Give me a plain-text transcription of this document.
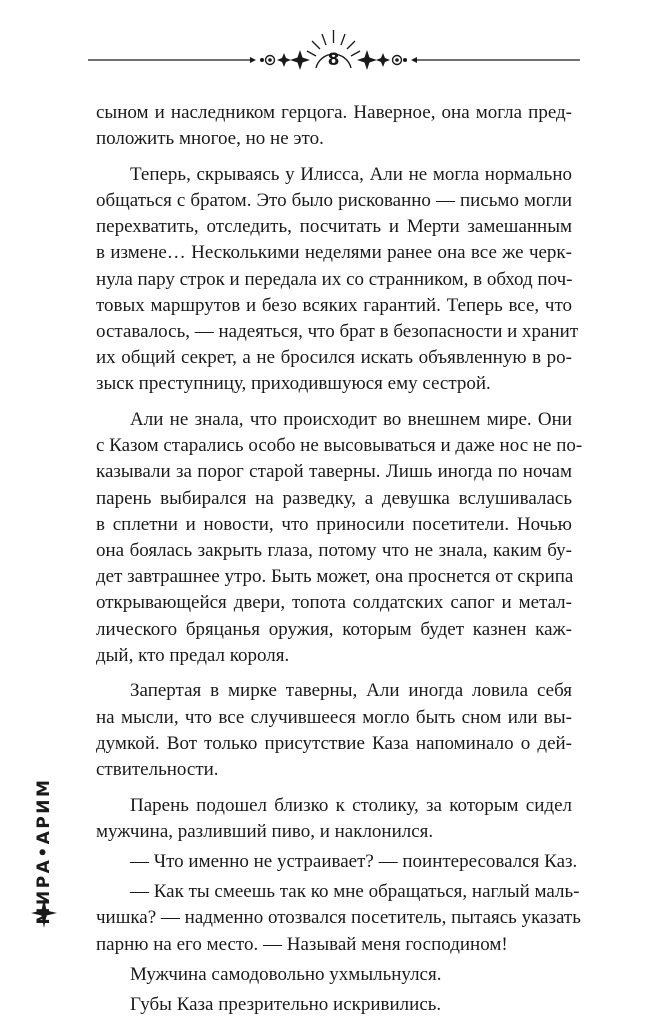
8
сыном и наследником герцога. Наверное, она могла пред-
положить многое, но не это.
Теперь, скрываясь у Илисса, Али не могла нормально
общаться с братом. Это было рискованно — письмо могли
перехватить, отследить, посчитать и Мерти замешанным
в измене… Несколькими неделями ранее она все же черк-
нула пару строк и передала их со странником, в обход поч-
товых маршрутов и безо всяких гарантий. Теперь все, что
оставалось, — надеяться, что брат в безопасности и хранит
их общий секрет, а не бросился искать объявленную в ро-
зыск преступницу, приходившуюся ему сестрой.
Али не знала, что происходит во внешнем мире. Они
с Казом старались особо не высовываться и даже нос не по-
казывали за порог старой таверны. Лишь иногда по ночам
парень выбирался на разведку, а девушка вслушивалась
в сплетни и новости, что приносили посетители. Ночью
она боялась закрыть глаза, потому что не знала, каким бу-
дет завтрашнее утро. Быть может, она проснется от скрипа
открывающейся двери, топота солдатских сапог и метал-
лического бряцанья оружия, которым будет казнен каж-
дый, кто предал короля.
Запертая в мирке таверны, Али иногда ловила себя
на мысли, что все случившееся могло быть сном или вы-
думкой. Вот только присутствие Каза напоминало о дей-
ствительности.
Парень подошел близко к столику, за которым сидел
мужчина, разливший пиво, и наклонился.
— Что именно не устраивает? — поинтересовался Каз.
— Как ты смеешь так ко мне обращаться, наглый маль-
чишка? — надменно отозвался посетитель, пытаясь указать
парню на его место. — Называй меня господином!
Мужчина самодовольно ухмыльнулся.
Губы Каза презрительно искривились.
МИРА•АРИМ
